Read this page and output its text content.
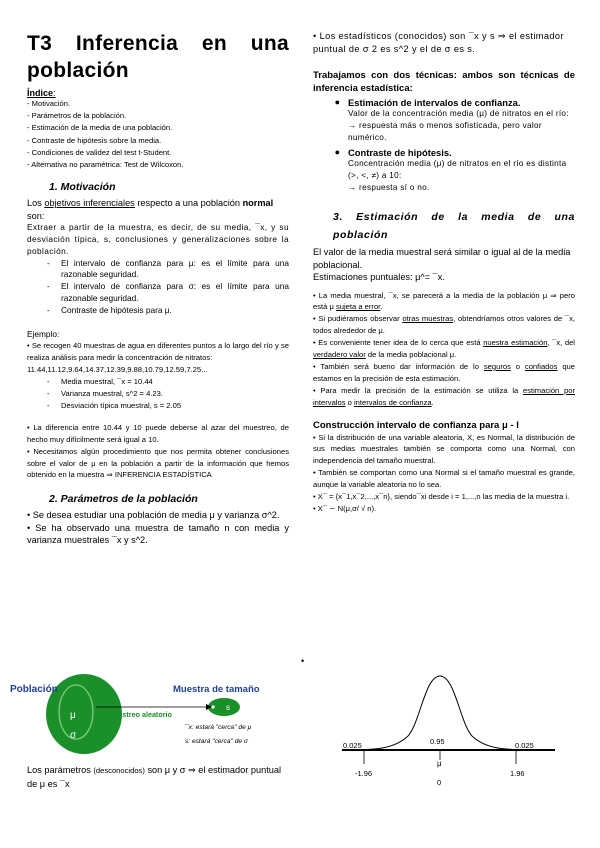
T3 Inferencia en una población
Índice:
- Motivación.
- Parámetros de la población.
- Estimación de la media de una población.
- Contraste de hipótesis sobre la media.
- Condiciones de validez del test t-Student.
- Alternativa no paramétrica: Test de Wilcoxon.
1. Motivación
Los objetivos inferenciales respecto a una población normal son:
Extraer a partir de la muestra, es decir, de su media, ¯x, y su desviación típica, s, conclusiones y generalizaciones sobre la población.
-	El intervalo de confianza para μ: es el límite para una razonable seguridad.
-	El intervalo de confianza para σ: es el límite para una razonable seguridad.
-	Contraste de hipótesis para μ.
Ejemplo:
• Se recogen 40 muestras de agua en diferentes puntos a lo largo del río y se realiza análisis para medir la concentración de nitratos:
11.44,11.12,9.64,14.37,12.39,9.88,10.79,12.59,7.25...
-	Media muestral, ¯x = 10.44
-	Varianza muestral, s^2 = 4.23.
-	Desviación típica muestral, s = 2.05
• La diferencia entre 10.44 y 10 puede deberse al azar del muestreo, de hecho muy difícilmente será igual a 10.
• Necesitamos algún procedimiento que nos permita obtener conclusiones sobre el valor de μ en la población a partir de la información que hemos obtenido en la muestra ⇒ INFERENCIA ESTADÍSTICA
2. Parámetros de la población
• Se desea estudiar una población de media μ y varianza σ^2.
• Se ha observado una muestra de tamaño n con media y varianza muestrales ¯x y s^2.
•
Población
μ
σ
Muestra de tamaño
s
Muestreo aleatorio
¯x: estará "cerca" de μ
s: estará "cerca" de σ
Los parámetros (desconocidos) son μ y σ ⇒ el estimador puntual de μ es ¯x
• Los estadísticos (conocidos) son ¯x y s ⇒ el estimador puntual de σ 2 es s^2 y el de σ es s.
Trabajamos con dos técnicas: ambos son técnicas de inferencia estadística:
● Estimación de intervalos de confianza.
Valor de la concentración media (μ) de nitratos en el río:
→ respuesta más o menos sofisticada, pero valor numérico.
● Contraste de hipótesis.
Concentración media (μ) de nitratos en el río es distinta (>, <, ≠) a 10:
→ respuesta sí o no.
3. Estimación de la media de una población
El valor de la media muestral será similar o igual al de la media poblacional.
Estimaciones puntuales: μ^= ¯x.
• La media muestral, ¯x, se parecerá a la media de la población μ ⇒ pero está μ sujeta a error.
• Si pudiéramos observar otras muestras, obtendríamos otros valores de ¯x, todos alrededor de μ.
• Es conveniente tener idea de lo cerca que está nuestra estimación, ¯x, del verdadero valor de la media poblacional μ.
• También será bueno dar información de lo seguros o confiados que estamos en la precisión de esta estimación.
• Para medir la precisión de la estimación se utiliza la estimación por intervalos o intervalos de confianza.
Construcción intervalo de confianza para μ - I
• Si la distribución de una variable aleatoria, X, es Normal, la distribución de sus medias muestrales también se comporta como una Normal, con independencia del tamaño muestral.
• También se comportan como una Normal si el tamaño muestral es grande, aunque la variable aleatoria no lo sea.
• X¯ = {x¯1,x¯2,...,x¯n}, siendo¯xi desde i = 1,...,n las media de la muestra i.
• X¯ ∼ N(μ,σ/ √ n).
0.025	0.95	0.025
μ
-1.96	1.96
0
